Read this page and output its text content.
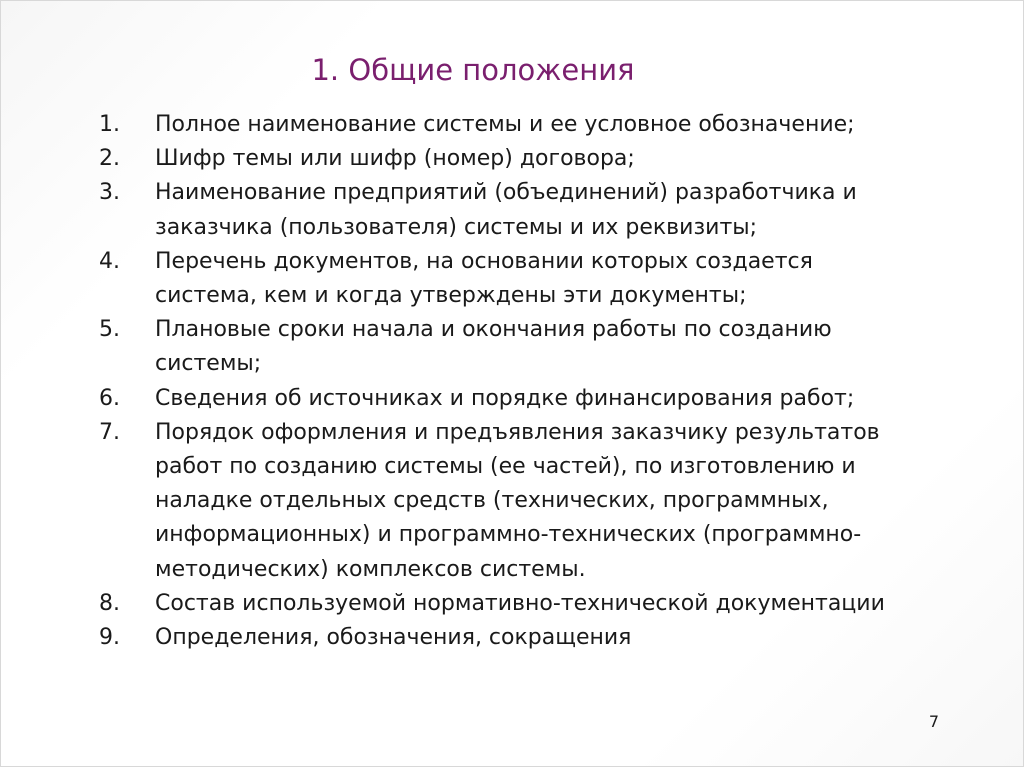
1. Общие положения
1. Полное наименование системы и ее условное обозначение;
2. Шифр темы или шифр (номер) договора;
3. Наименование предприятий (объединений) разработчика и
заказчика (пользователя) системы и их реквизиты;
4. Перечень документов, на основании которых создается
система, кем и когда утверждены эти документы;
5. Плановые сроки начала и окончания работы по созданию
системы;
6. Сведения об источниках и порядке финансирования работ;
7. Порядок оформления и предъявления заказчику результатов
работ по созданию системы (ее частей), по изготовлению и
наладке отдельных средств (технических, программных,
информационных) и программно-технических (программно-
методических) комплексов системы.
8. Состав используемой нормативно-технической документации
9. Определения, обозначения, сокращения
7
